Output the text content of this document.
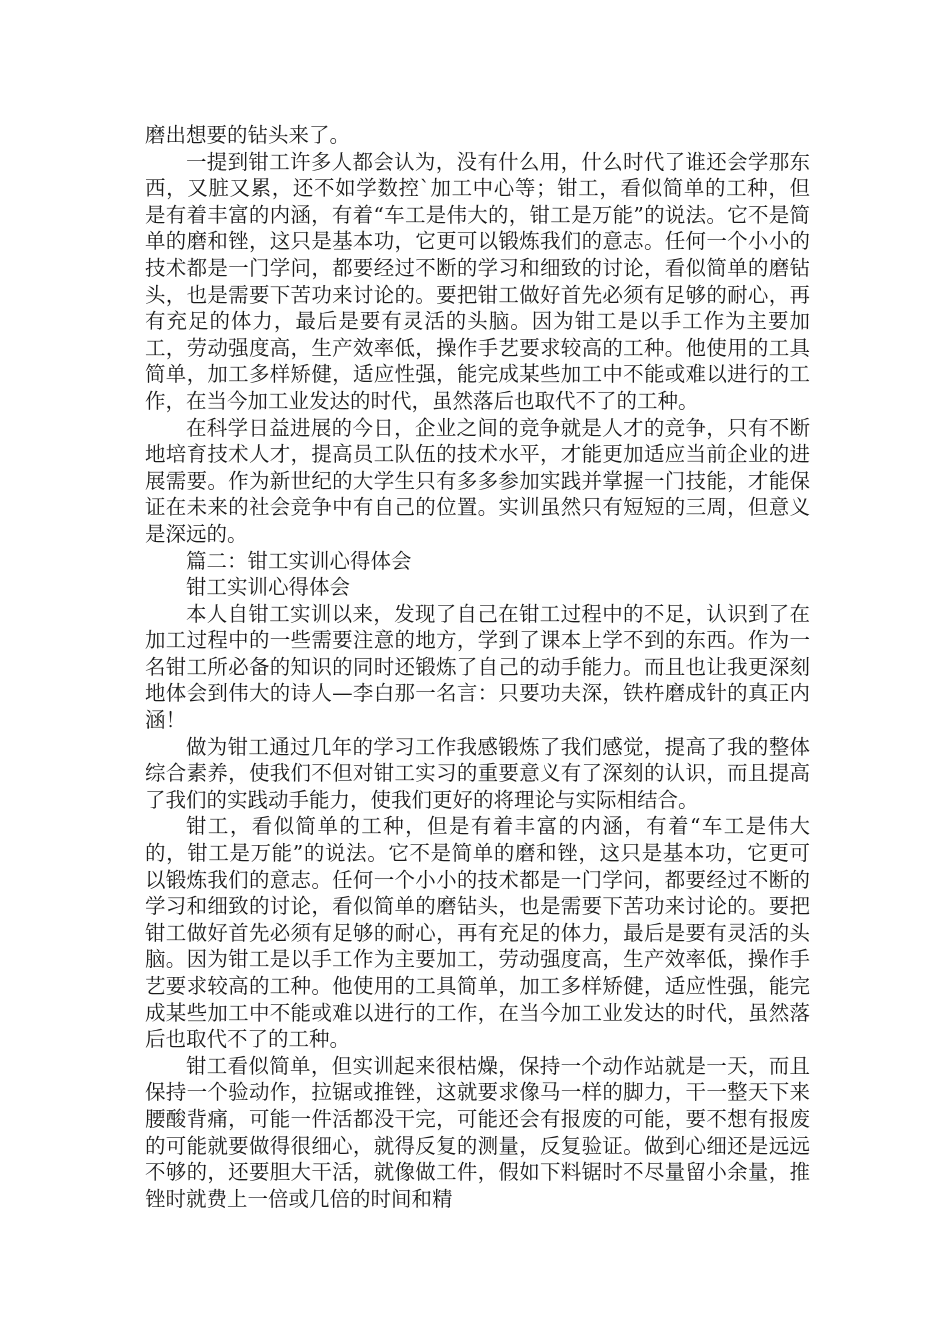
磨出想要的钻头来了。

一提到钳工许多人都会认为，没有什么用，什么时代了谁还会学那东西，又脏又累，还不如学数控`加工中心等；钳工，看似简单的工种，但是有着丰富的内涵，有着“车工是伟大的，钳工是万能”的说法。它不是简单的磨和锉，这只是基本功，它更可以锻炼我们的意志。任何一个小小的技术都是一门学问，都要经过不断的学习和细致的讨论，看似简单的磨钻头，也是需要下苦功来讨论的。要把钳工做好首先必须有足够的耐心，再有充足的体力，最后是要有灵活的头脑。因为钳工是以手工作为主要加工，劳动强度高，生产效率低，操作手艺要求较高的工种。他使用的工具简单，加工多样矫健，适应性强，能完成某些加工中不能或难以进行的工作，在当今加工业发达的时代，虽然落后也取代不了的工种。

在科学日益进展的今日，企业之间的竞争就是人才的竞争，只有不断地培育技术人才，提高员工队伍的技术水平，才能更加适应当前企业的进展需要。作为新世纪的大学生只有多多参加实践并掌握一门技能，才能保证在未来的社会竞争中有自己的位置。实训虽然只有短短的三周，但意义是深远的。

篇二：钳工实训心得体会

钳工实训心得体会

本人自钳工实训以来，发现了自己在钳工过程中的不足，认识到了在加工过程中的一些需要注意的地方，学到了课本上学不到的东西。作为一名钳工所必备的知识的同时还锻炼了自己的动手能力。而且也让我更深刻地体会到伟大的诗人—李白那一名言：只要功夫深，铁杵磨成针的真正内涵！

做为钳工通过几年的学习工作我感锻炼了我们感觉，提高了我的整体综合素养，使我们不但对钳工实习的重要意义有了深刻的认识，而且提高了我们的实践动手能力，使我们更好的将理论与实际相结合。

钳工，看似简单的工种，但是有着丰富的内涵，有着“车工是伟大的，钳工是万能”的说法。它不是简单的磨和锉，这只是基本功，它更可以锻炼我们的意志。任何一个小小的技术都是一门学问，都要经过不断的学习和细致的讨论，看似简单的磨钻头，也是需要下苦功来讨论的。要把钳工做好首先必须有足够的耐心，再有充足的体力，最后是要有灵活的头脑。因为钳工是以手工作为主要加工，劳动强度高，生产效率低，操作手艺要求较高的工种。他使用的工具简单，加工多样矫健，适应性强，能完成某些加工中不能或难以进行的工作，在当今加工业发达的时代，虽然落后也取代不了的工种。

钳工看似简单，但实训起来很枯燥，保持一个动作站就是一天，而且保持一个验动作，拉锯或推锉，这就要求像马一样的脚力，干一整天下来腰酸背痛，可能一件活都没干完，可能还会有报废的可能，要不想有报废的可能就要做得很细心，就得反复的测量，反复验证。做到心细还是远远不够的，还要胆大干活，就像做工件，假如下料锯时不尽量留小余量，推锉时就费上一倍或几倍的时间和精
